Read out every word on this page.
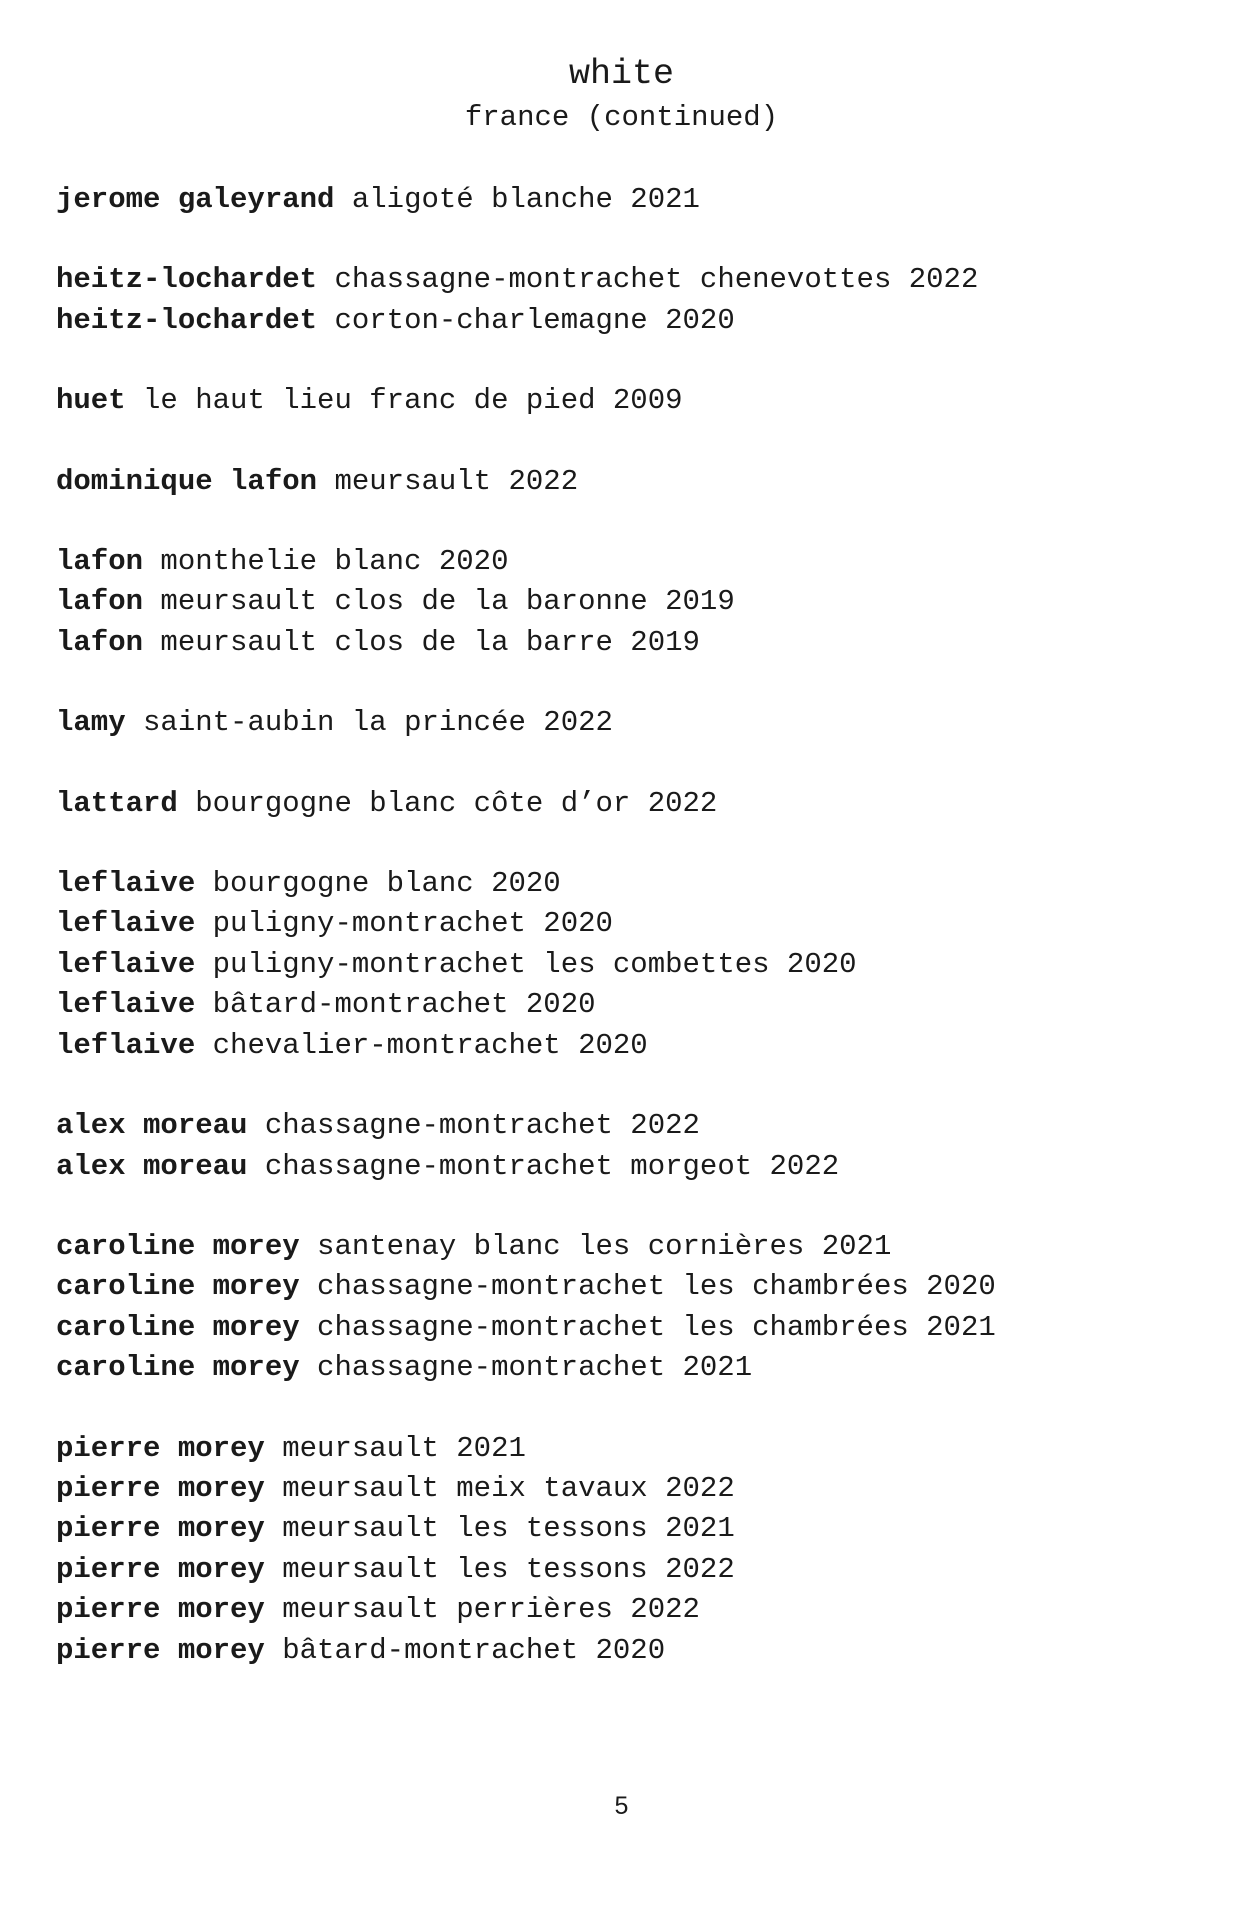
white
france (continued)
jerome galeyrand aligoté blanche 2021
heitz-lochardet chassagne-montrachet chenevottes 2022
heitz-lochardet corton-charlemagne 2020
huet le haut lieu franc de pied 2009
dominique lafon meursault 2022
lafon monthelie blanc 2020
lafon meursault clos de la baronne 2019
lafon meursault clos de la barre 2019
lamy saint-aubin la princée 2022
lattard bourgogne blanc côte d’or 2022
leflaive bourgogne blanc 2020
leflaive puligny-montrachet 2020
leflaive puligny-montrachet les combettes 2020
leflaive bâtard-montrachet 2020
leflaive chevalier-montrachet 2020
alex moreau chassagne-montrachet 2022
alex moreau chassagne-montrachet morgeot 2022
caroline morey santenay blanc les cornières 2021
caroline morey chassagne-montrachet les chambrées 2020
caroline morey chassagne-montrachet les chambrées 2021
caroline morey chassagne-montrachet 2021
pierre morey meursault 2021
pierre morey meursault meix tavaux 2022
pierre morey meursault les tessons 2021
pierre morey meursault les tessons 2022
pierre morey meursault perrières 2022
pierre morey bâtard-montrachet 2020
5
